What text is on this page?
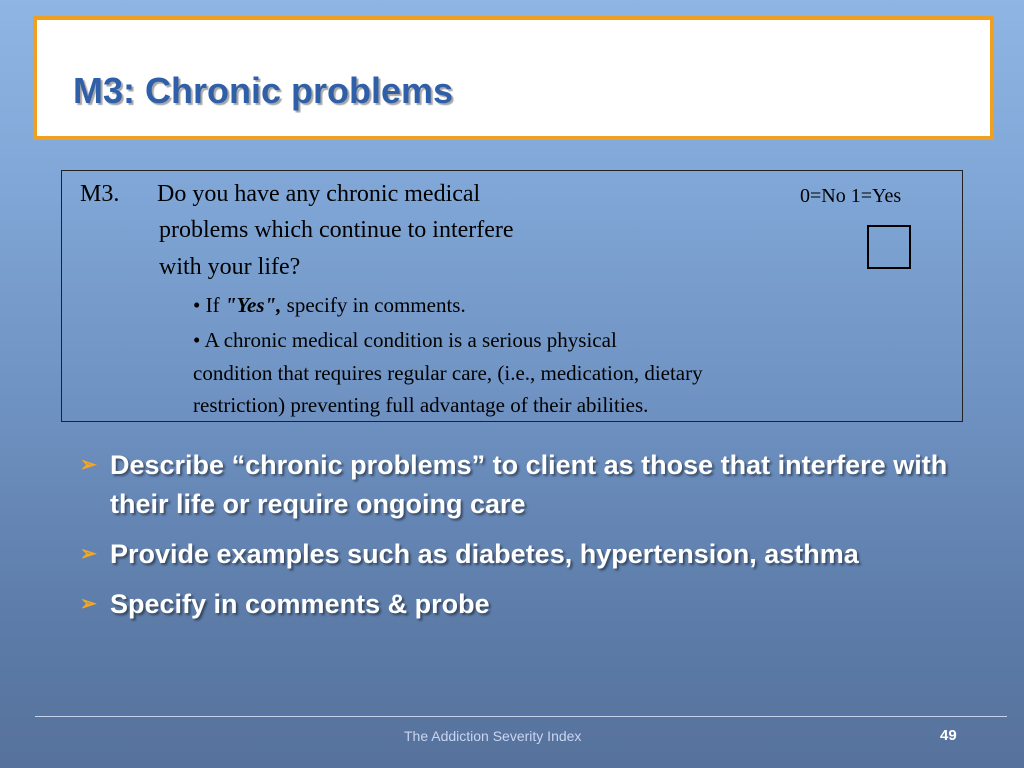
M3: Chronic problems
M3. Do you have any chronic medical
problems which continue to interfere
with your life?
0=No 1=Yes
• If "Yes", specify in comments.
• A chronic medical condition is a serious physical
condition that requires regular care, (i.e., medication, dietary
restriction) preventing full advantage of their abilities.
➢ Describe “chronic problems” to client as those that interfere with their life or require ongoing care
➢ Provide examples such as diabetes, hypertension, asthma
➢ Specify in comments & probe
The Addiction Severity Index	49
